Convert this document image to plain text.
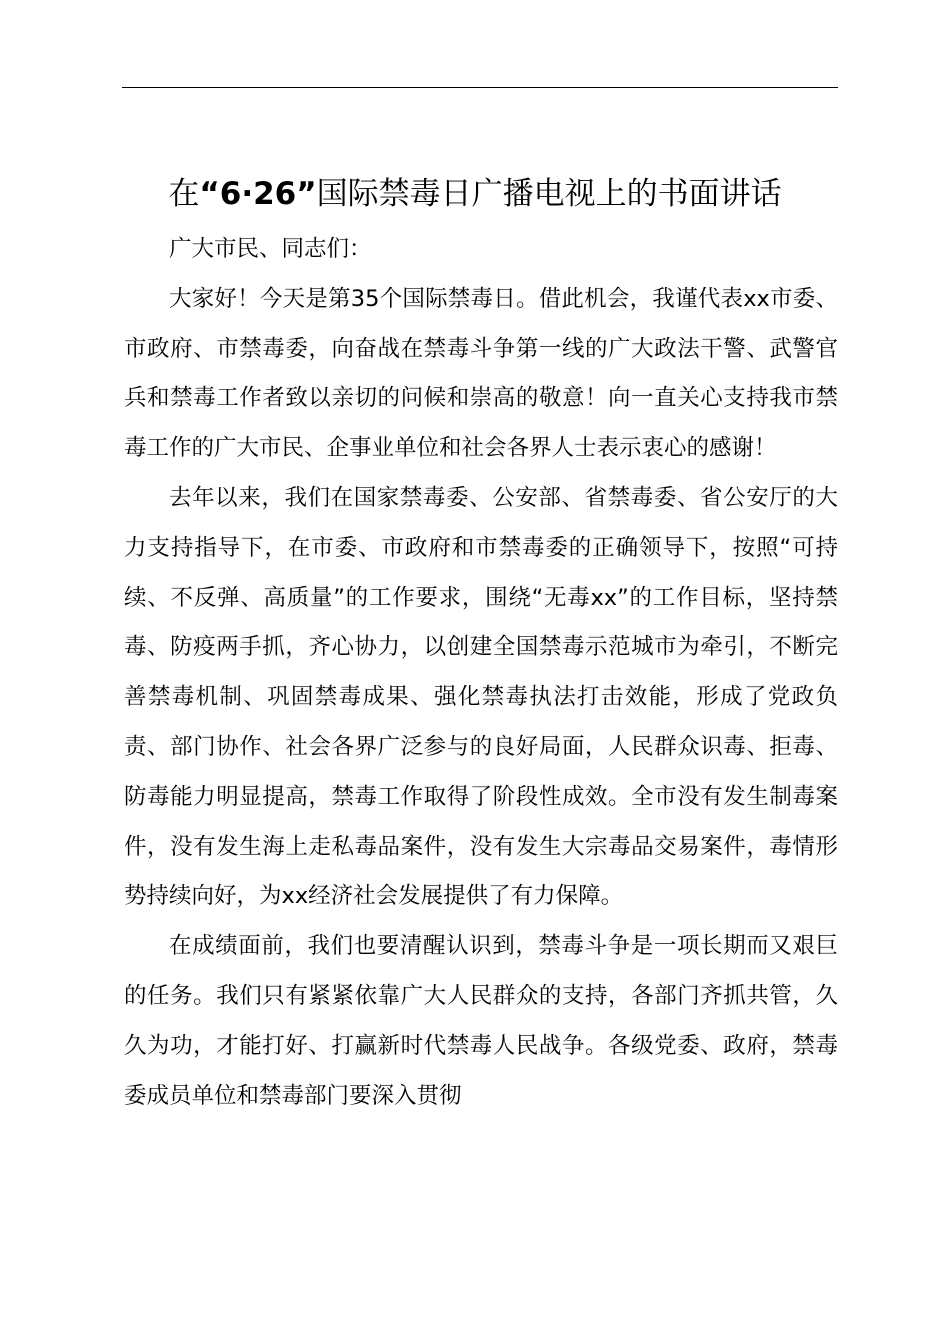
在“6·26”国际禁毒日广播电视上的书面讲话

广大市民、同志们：

大家好！今天是第35个国际禁毒日。借此机会，我谨代表xx市委、市政府、市禁毒委，向奋战在禁毒斗争第一线的广大政法干警、武警官兵和禁毒工作者致以亲切的问候和崇高的敬意！向一直关心支持我市禁毒工作的广大市民、企事业单位和社会各界人士表示衷心的感谢！

去年以来，我们在国家禁毒委、公安部、省禁毒委、省公安厅的大力支持指导下，在市委、市政府和市禁毒委的正确领导下，按照“可持续、不反弹、高质量”的工作要求，围绕“无毒xx”的工作目标，坚持禁毒、防疫两手抓，齐心协力，以创建全国禁毒示范城市为牵引，不断完善禁毒机制、巩固禁毒成果、强化禁毒执法打击效能，形成了党政负责、部门协作、社会各界广泛参与的良好局面，人民群众识毒、拒毒、防毒能力明显提高，禁毒工作取得了阶段性成效。全市没有发生制毒案件，没有发生海上走私毒品案件，没有发生大宗毒品交易案件，毒情形势持续向好，为xx经济社会发展提供了有力保障。

在成绩面前，我们也要清醒认识到，禁毒斗争是一项长期而又艰巨的任务。我们只有紧紧依靠广大人民群众的支持，各部门齐抓共管，久久为功，才能打好、打赢新时代禁毒人民战争。各级党委、政府，禁毒委成员单位和禁毒部门要深入贯彻
